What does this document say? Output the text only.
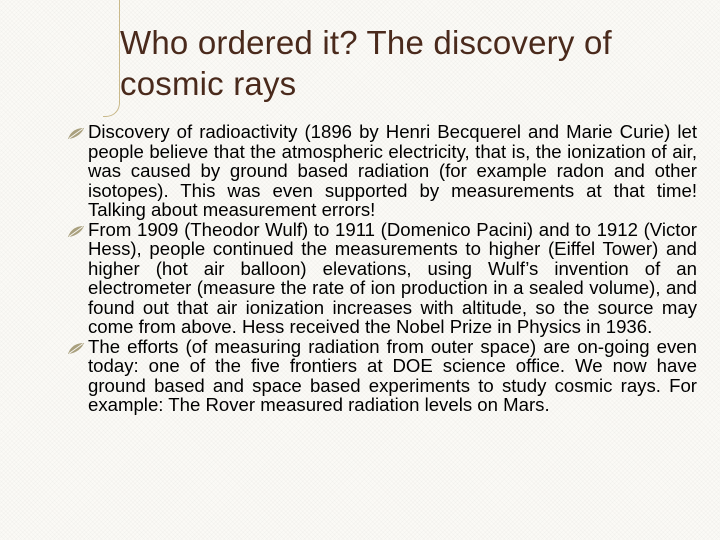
Who ordered it? The discovery of cosmic rays
Discovery of radioactivity (1896 by Henri Becquerel and Marie Curie) let people believe that the atmospheric electricity, that is, the ionization of air, was caused by ground based radiation (for example radon and other isotopes). This was even supported by measurements at that time! Talking about measurement errors!
From 1909 (Theodor Wulf) to 1911 (Domenico Pacini) and to 1912 (Victor Hess), people continued the measurements to higher (Eiffel Tower) and higher (hot air balloon) elevations, using Wulf’s invention of an electrometer (measure the rate of ion production in a sealed volume), and found out that air ionization increases with altitude, so the source may come from above. Hess received the Nobel Prize in Physics in 1936.
The efforts (of measuring radiation from outer space) are on-going even today: one of the five frontiers at DOE science office. We now have ground based and space based experiments to study cosmic rays. For example: The Rover measured radiation levels on Mars.
